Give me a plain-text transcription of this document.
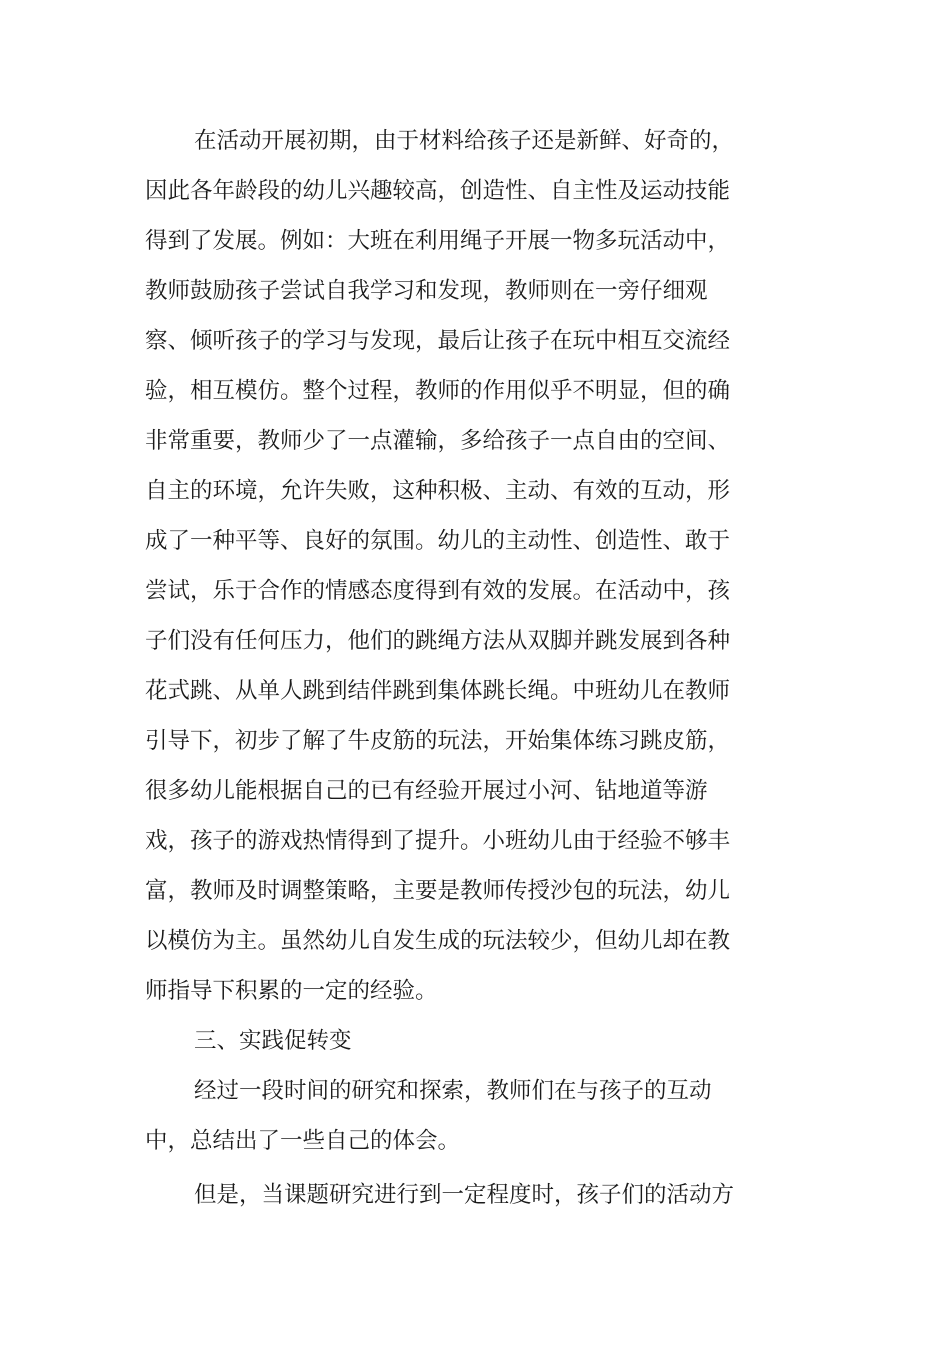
在活动开展初期，由于材料给孩子还是新鲜、好奇的，
因此各年龄段的幼儿兴趣较高，创造性、自主性及运动技能
得到了发展。例如：大班在利用绳子开展一物多玩活动中，
教师鼓励孩子尝试自我学习和发现，教师则在一旁仔细观
察、倾听孩子的学习与发现，最后让孩子在玩中相互交流经
验，相互模仿。整个过程，教师的作用似乎不明显，但的确
非常重要，教师少了一点灌输，多给孩子一点自由的空间、
自主的环境，允许失败，这种积极、主动、有效的互动，形
成了一种平等、良好的氛围。幼儿的主动性、创造性、敢于
尝试，乐于合作的情感态度得到有效的发展。在活动中，孩
子们没有任何压力，他们的跳绳方法从双脚并跳发展到各种
花式跳、从单人跳到结伴跳到集体跳长绳。中班幼儿在教师
引导下，初步了解了牛皮筋的玩法，开始集体练习跳皮筋，
很多幼儿能根据自己的已有经验开展过小河、钻地道等游
戏，孩子的游戏热情得到了提升。小班幼儿由于经验不够丰
富，教师及时调整策略，主要是教师传授沙包的玩法，幼儿
以模仿为主。虽然幼儿自发生成的玩法较少，但幼儿却在教
师指导下积累的一定的经验。
三、实践促转变
经过一段时间的研究和探索，教师们在与孩子的互动
中，总结出了一些自己的体会。
但是，当课题研究进行到一定程度时，孩子们的活动方
